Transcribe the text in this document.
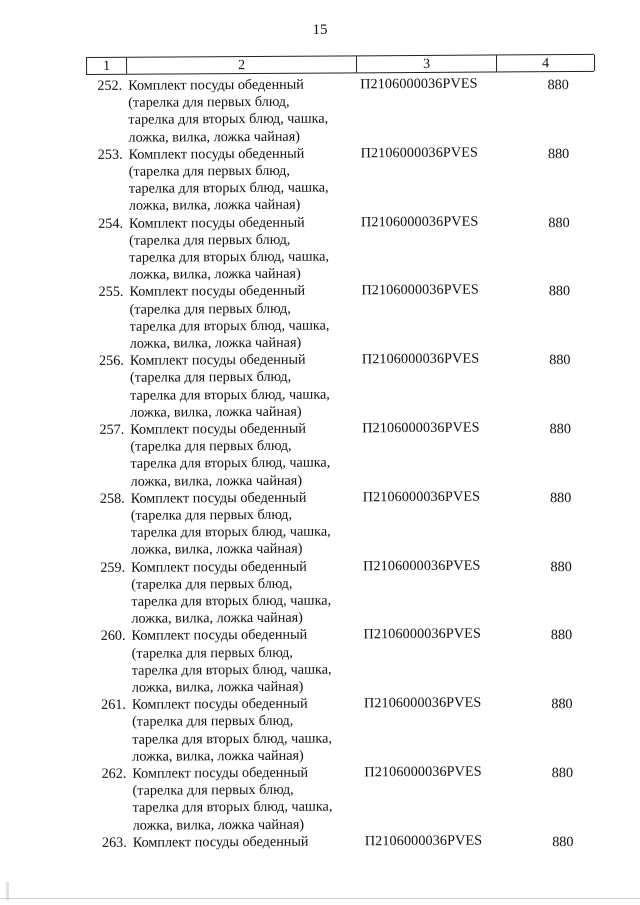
15
1	2	3	4
252. Комплект посуды обеденный
(тарелка для первых блюд,
тарелка для вторых блюд, чашка,
ложка, вилка, ложка чайная)
П2106000036PVES	880
253. Комплект посуды обеденный
(тарелка для первых блюд,
тарелка для вторых блюд, чашка,
ложка, вилка, ложка чайная)
П2106000036PVES	880
254. Комплект посуды обеденный
(тарелка для первых блюд,
тарелка для вторых блюд, чашка,
ложка, вилка, ложка чайная)
П2106000036PVES	880
255. Комплект посуды обеденный
(тарелка для первых блюд,
тарелка для вторых блюд, чашка,
ложка, вилка, ложка чайная)
П2106000036PVES	880
256. Комплект посуды обеденный
(тарелка для первых блюд,
тарелка для вторых блюд, чашка,
ложка, вилка, ложка чайная)
П2106000036PVES	880
257. Комплект посуды обеденный
(тарелка для первых блюд,
тарелка для вторых блюд, чашка,
ложка, вилка, ложка чайная)
П2106000036PVES	880
258. Комплект посуды обеденный
(тарелка для первых блюд,
тарелка для вторых блюд, чашка,
ложка, вилка, ложка чайная)
П2106000036PVES	880
259. Комплект посуды обеденный
(тарелка для первых блюд,
тарелка для вторых блюд, чашка,
ложка, вилка, ложка чайная)
П2106000036PVES	880
260. Комплект посуды обеденный
(тарелка для первых блюд,
тарелка для вторых блюд, чашка,
ложка, вилка, ложка чайная)
П2106000036PVES	880
261. Комплект посуды обеденный
(тарелка для первых блюд,
тарелка для вторых блюд, чашка,
ложка, вилка, ложка чайная)
П2106000036PVES	880
262. Комплект посуды обеденный
(тарелка для первых блюд,
тарелка для вторых блюд, чашка,
ложка, вилка, ложка чайная)
П2106000036PVES	880
263. Комплект посуды обеденный	П2106000036PVES	880
